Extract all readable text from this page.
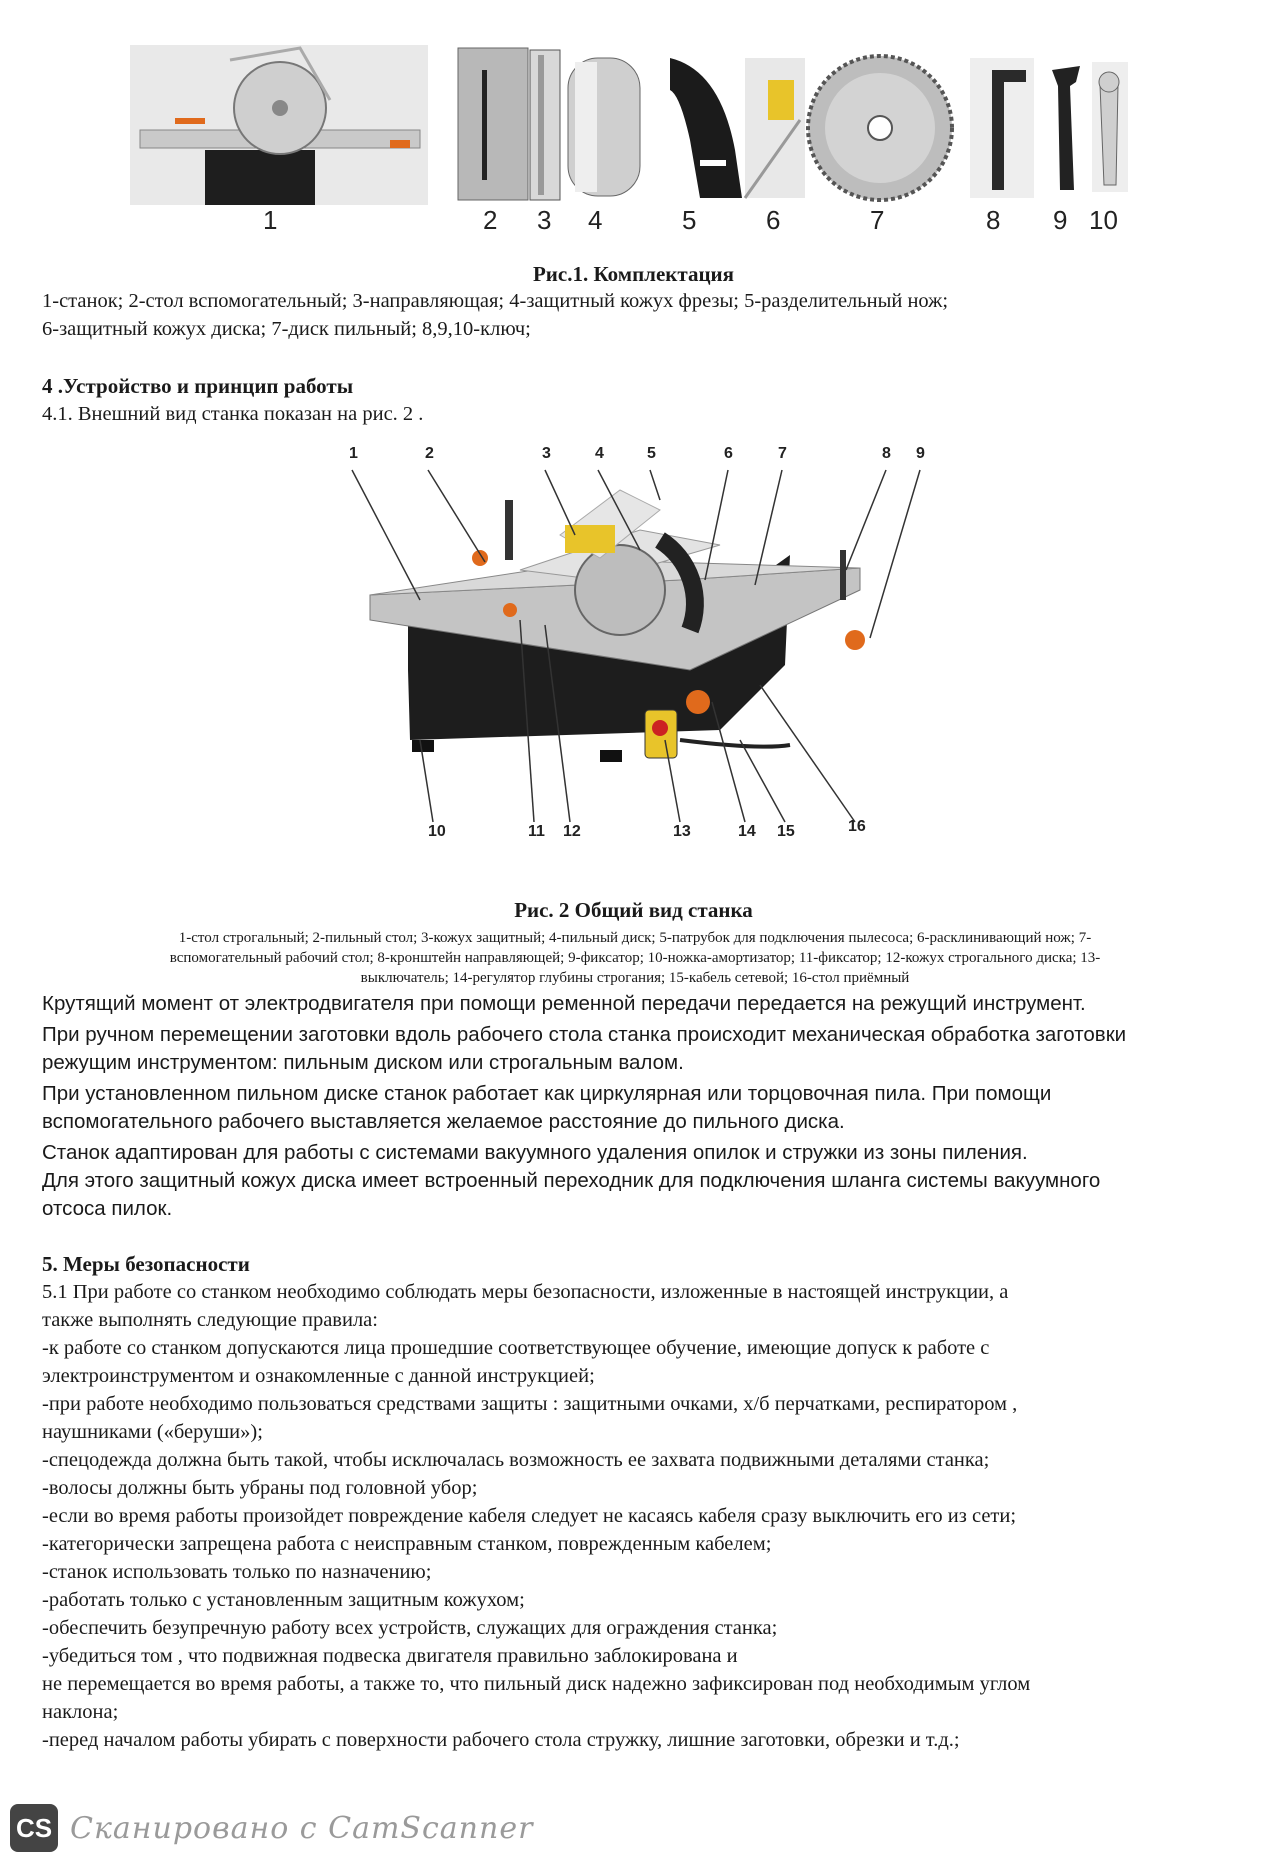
1	2 3 4	5	6	7	8 9 10
Рис.1. Комплектация
1-станок; 2-стол вспомогательный; 3-направляющая; 4-защитный кожух фрезы; 5-разделительный нож;
6-защитный кожух диска; 7-диск пильный; 8,9,10-ключ;
4 .Устройство и принцип работы
4.1. Внешний вид станка показан на рис. 2 .
1	2	3	4	5	6	7	8 9
10	11 12	13	14 15	16
Рис. 2 Общий вид станка
1-стол строгальный; 2-пильный стол; 3-кожух защитный; 4-пильный диск; 5-патрубок для подключения пылесоса; 6-расклинивающий нож; 7-
вспомогательный рабочий стол; 8-кронштейн направляющей; 9-фиксатор; 10-ножка-амортизатор; 11-фиксатор; 12-кожух строгального диска; 13-
выключатель; 14-регулятор глубины строгания; 15-кабель сетевой; 16-стол приёмный
Крутящий момент от электродвигателя при помощи ременной передачи передается на режущий инструмент.
При ручном перемещении заготовки вдоль рабочего стола станка происходит механическая обработка заготовки
режущим инструментом: пильным диском или строгальным валом.
При установленном пильном диске станок работает как циркулярная или торцовочная пила. При помощи
вспомогательного рабочего выставляется желаемое расстояние до пильного диска.
Станок адаптирован для работы с системами вакуумного удаления опилок и стружки из зоны пиления.
Для этого защитный кожух диска имеет встроенный переходник для подключения шланга системы вакуумного
отсоса пилок.
5. Меры безопасности
5.1 При работе со станком необходимо соблюдать меры безопасности, изложенные в настоящей инструкции, а
также выполнять следующие правила:
-к работе со станком допускаются лица прошедшие соответствующее обучение, имеющие допуск к работе с
электроинструментом и ознакомленные с данной инструкцией;
-при работе необходимо пользоваться средствами защиты : защитными очками, х/б перчатками, респиратором ,
наушниками («беруши»);
-спецодежда должна быть такой, чтобы исключалась возможность ее захвата подвижными деталями станка;
-волосы должны быть убраны под головной убор;
-если во время работы произойдет повреждение кабеля следует не касаясь кабеля сразу выключить его из сети;
-категорически запрещена работа с неисправным станком, поврежденным кабелем;
-станок использовать только по назначению;
-работать только с установленным защитным кожухом;
-обеспечить безупречную работу всех устройств, служащих для ограждения станка;
-убедиться том , что подвижная подвеска двигателя правильно заблокирована и
не перемещается во время работы, а также то, что пильный диск надежно зафиксирован под необходимым углом
наклона;
-перед началом работы убирать с поверхности рабочего стола стружку, лишние заготовки, обрезки и т.д.;
CS Сканировано с CamScanner
